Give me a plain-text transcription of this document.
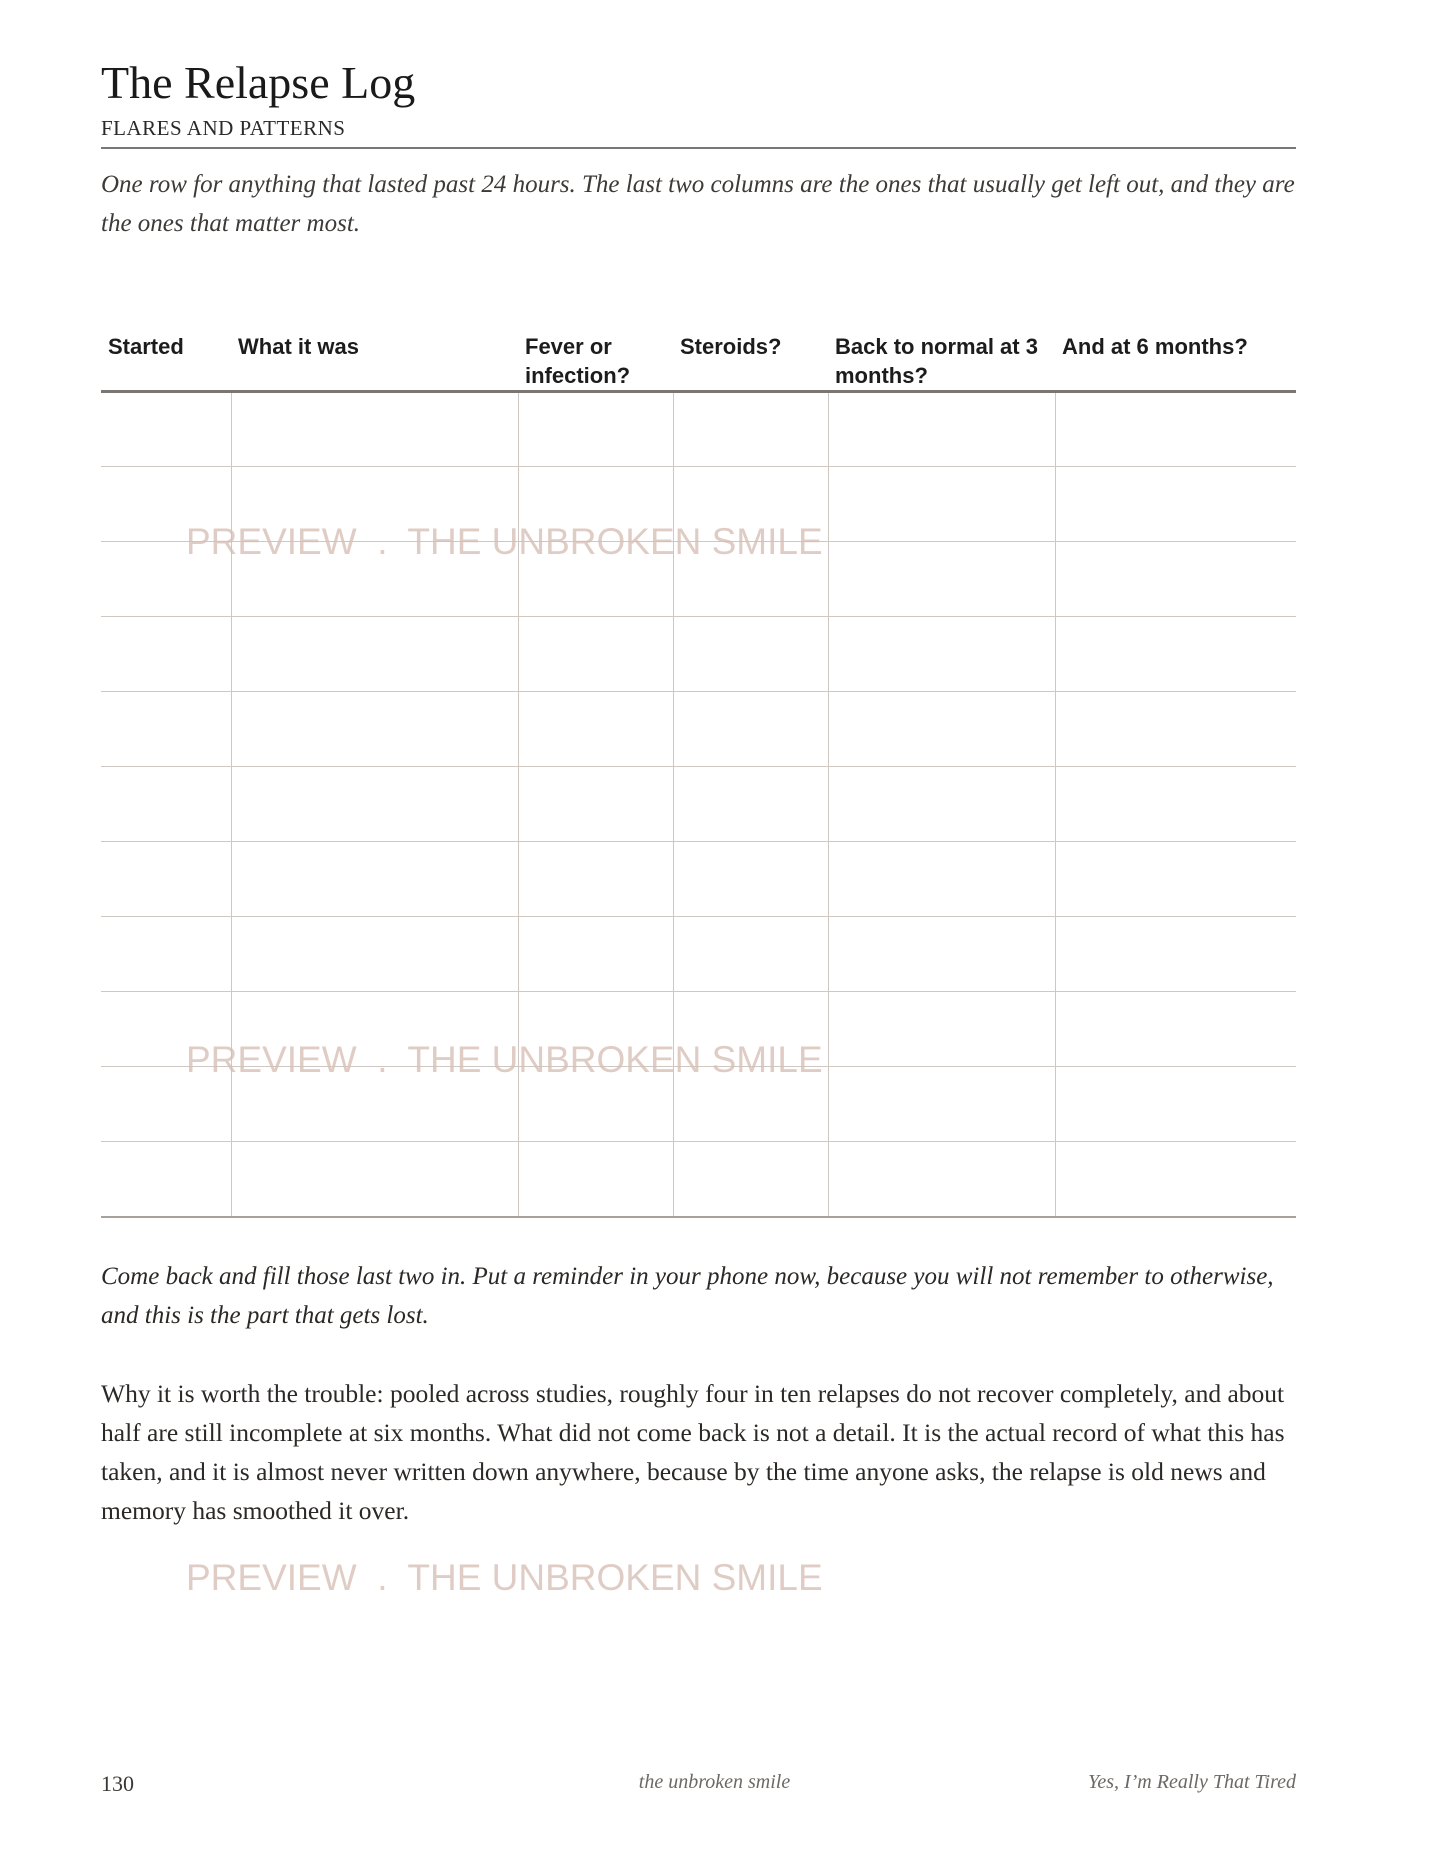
The Relapse Log
FLARES AND PATTERNS

One row for anything that lasted past 24 hours. The last two columns are the ones that usually get left out, and they are the ones that matter most.

Started	What it was	Fever or infection?	Steroids?	Back to normal at 3 months?	And at 6 months?

PREVIEW  .  THE UNBROKEN SMILE
PREVIEW  .  THE UNBROKEN SMILE
PREVIEW  .  THE UNBROKEN SMILE

Come back and fill those last two in. Put a reminder in your phone now, because you will not remember to otherwise, and this is the part that gets lost.

Why it is worth the trouble: pooled across studies, roughly four in ten relapses do not recover completely, and about half are still incomplete at six months. What did not come back is not a detail. It is the actual record of what this has taken, and it is almost never written down anywhere, because by the time anyone asks, the relapse is old news and memory has smoothed it over.

130	the unbroken smile	Yes, I’m Really That Tired
